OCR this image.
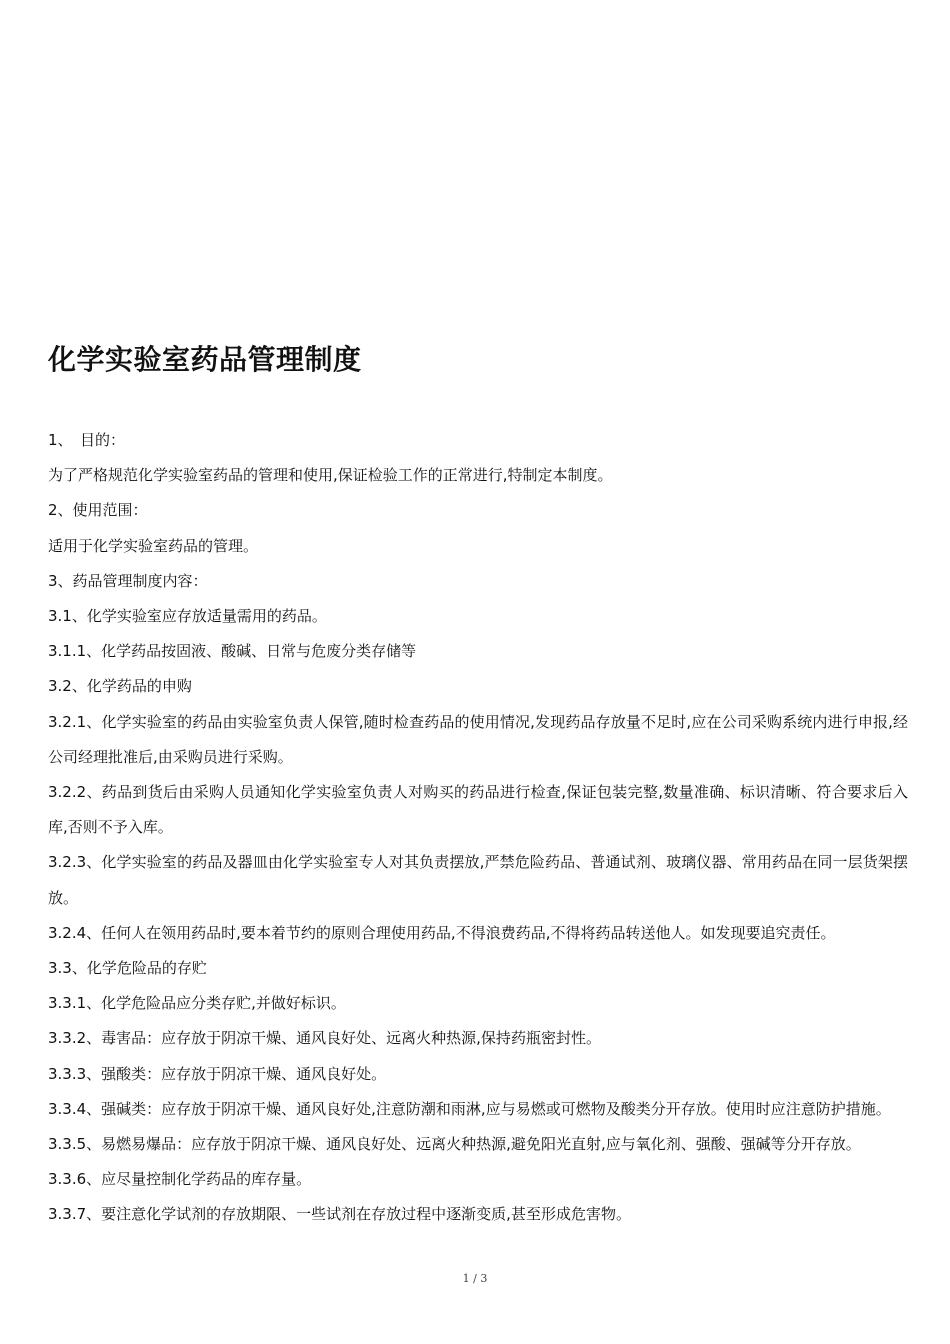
化学实验室药品管理制度

1、　目的：

为了严格规范化学实验室药品的管理和使用,保证检验工作的正常进行,特制定本制度。

2、使用范围：

适用于化学实验室药品的管理。

3、药品管理制度内容：

3.1、化学实验室应存放适量需用的药品。

3.1.1、化学药品按固液、酸碱、日常与危废分类存储等

3.2、化学药品的申购

3.2.1、化学实验室的药品由实验室负责人保管,随时检查药品的使用情况,发现药品存放量不足时,应在公司采购系统内进行申报,经公司经理批准后,由采购员进行采购。

3.2.2、药品到货后由采购人员通知化学实验室负责人对购买的药品进行检查,保证包装完整,数量准确、标识清晰、符合要求后入库,否则不予入库。

3.2.3、化学实验室的药品及器皿由化学实验室专人对其负责摆放,严禁危险药品、普通试剂、玻璃仪器、常用药品在同一层货架摆放。

3.2.4、任何人在领用药品时,要本着节约的原则合理使用药品,不得浪费药品,不得将药品转送他人。如发现要追究责任。

3.3、化学危险品的存贮

3.3.1、化学危险品应分类存贮,并做好标识。

3.3.2、毒害品：应存放于阴凉干燥、通风良好处、远离火种热源,保持药瓶密封性。

3.3.3、强酸类：应存放于阴凉干燥、通风良好处。

3.3.4、强碱类：应存放于阴凉干燥、通风良好处,注意防潮和雨淋,应与易燃或可燃物及酸类分开存放。使用时应注意防护措施。

3.3.5、易燃易爆品：应存放于阴凉干燥、通风良好处、远离火种热源,避免阳光直射,应与氧化剂、强酸、强碱等分开存放。

3.3.6、应尽量控制化学药品的库存量。

3.3.7、要注意化学试剂的存放期限、一些试剂在存放过程中逐渐变质,甚至形成危害物。

1 / 3
